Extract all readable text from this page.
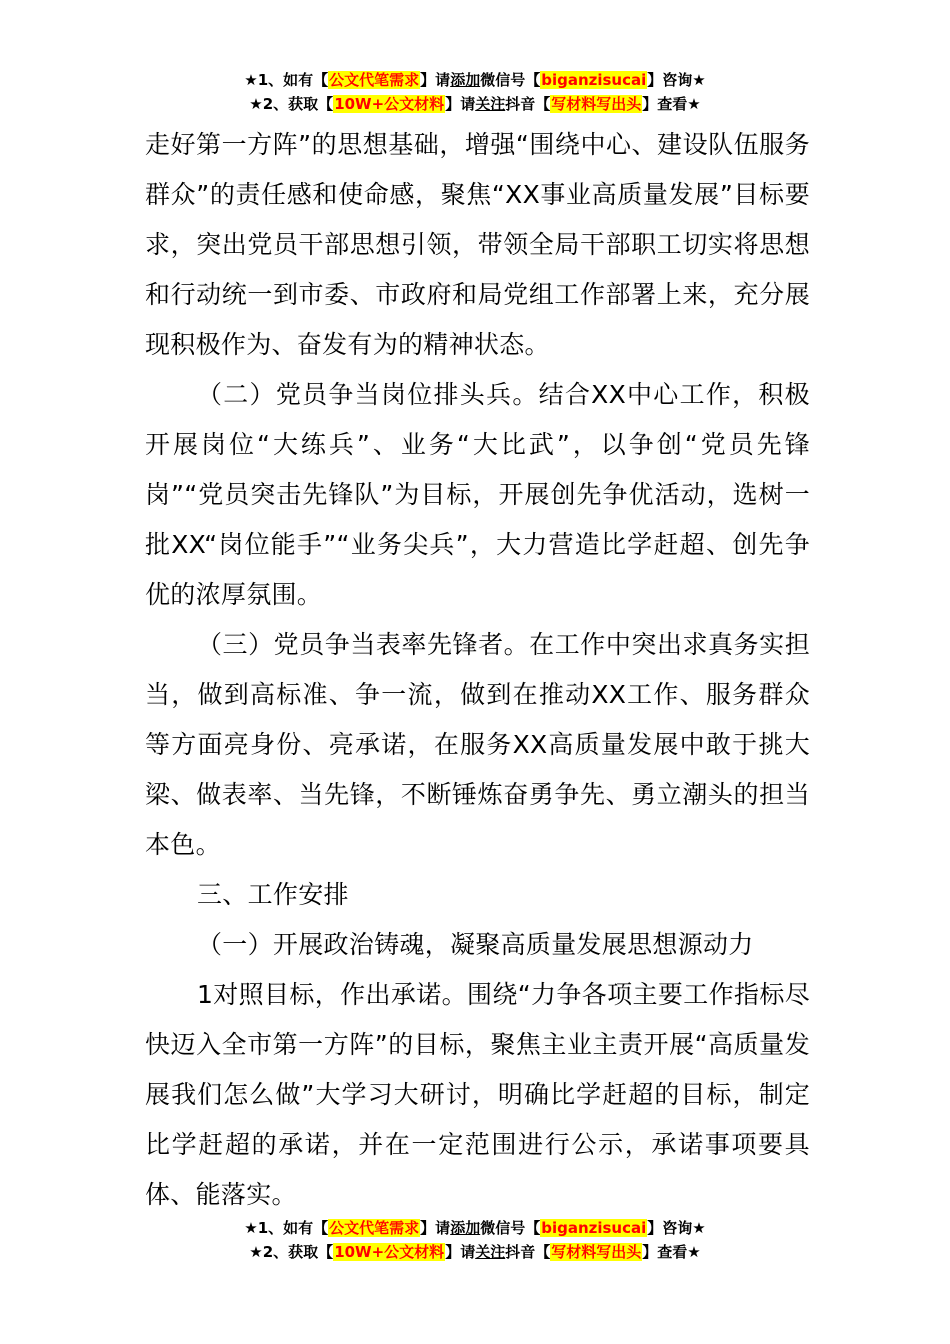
★1、如有【公文代笔需求】请添加微信号【biganzisucai】咨询★
★2、获取【10W+公文材料】请关注抖音【写材料写出头】查看★

走好第一方阵”的思想基础，增强“围绕中心、建设队伍服务群众”的责任感和使命感，聚焦“XX事业高质量发展”目标要求，突出党员干部思想引领，带领全局干部职工切实将思想和行动统一到市委、市政府和局党组工作部署上来，充分展现积极作为、奋发有为的精神状态。

（二）党员争当岗位排头兵。结合XX中心工作，积极开展岗位“大练兵”、业务“大比武”，以争创“党员先锋岗”“党员突击先锋队”为目标，开展创先争优活动，选树一批XX“岗位能手”“业务尖兵”，大力营造比学赶超、创先争优的浓厚氛围。

（三）党员争当表率先锋者。在工作中突出求真务实担当，做到高标准、争一流，做到在推动XX工作、服务群众等方面亮身份、亮承诺，在服务XX高质量发展中敢于挑大梁、做表率、当先锋，不断锤炼奋勇争先、勇立潮头的担当本色。

三、工作安排

（一）开展政治铸魂，凝聚高质量发展思想源动力

1对照目标，作出承诺。围绕“力争各项主要工作指标尽快迈入全市第一方阵”的目标，聚焦主业主责开展“高质量发展我们怎么做”大学习大研讨，明确比学赶超的目标，制定比学赶超的承诺，并在一定范围进行公示，承诺事项要具体、能落实。

★1、如有【公文代笔需求】请添加微信号【biganzisucai】咨询★
★2、获取【10W+公文材料】请关注抖音【写材料写出头】查看★
